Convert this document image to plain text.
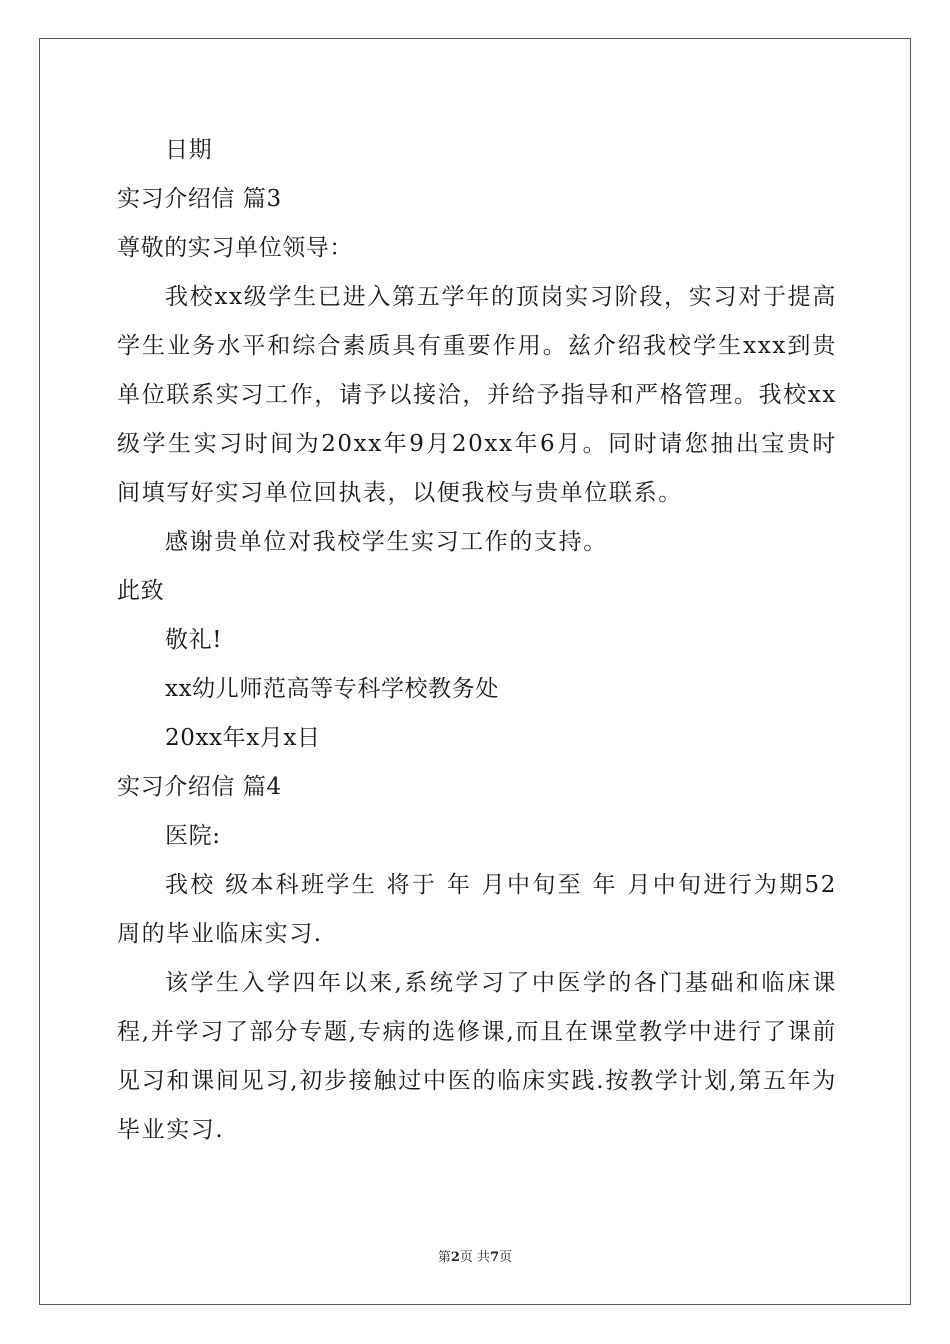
日期
实习介绍信 篇3
尊敬的实习单位领导：
我校xx级学生已进入第五学年的顶岗实习阶段，实习对于提高学生业务水平和综合素质具有重要作用。兹介绍我校学生xxx到贵单位联系实习工作，请予以接洽，并给予指导和严格管理。我校xx级学生实习时间为20xx年9月20xx年6月。同时请您抽出宝贵时间填写好实习单位回执表，以便我校与贵单位联系。
感谢贵单位对我校学生实习工作的支持。
此致
敬礼!
xx幼儿师范高等专科学校教务处
20xx年x月x日
实习介绍信 篇4
医院:
我校 级本科班学生 将于 年 月中旬至 年 月中旬进行为期52周的毕业临床实习.
该学生入学四年以来,系统学习了中医学的各门基础和临床课程,并学习了部分专题,专病的选修课,而且在课堂教学中进行了课前见习和课间见习,初步接触过中医的临床实践.按教学计划,第五年为毕业实习.
第2页 共7页
